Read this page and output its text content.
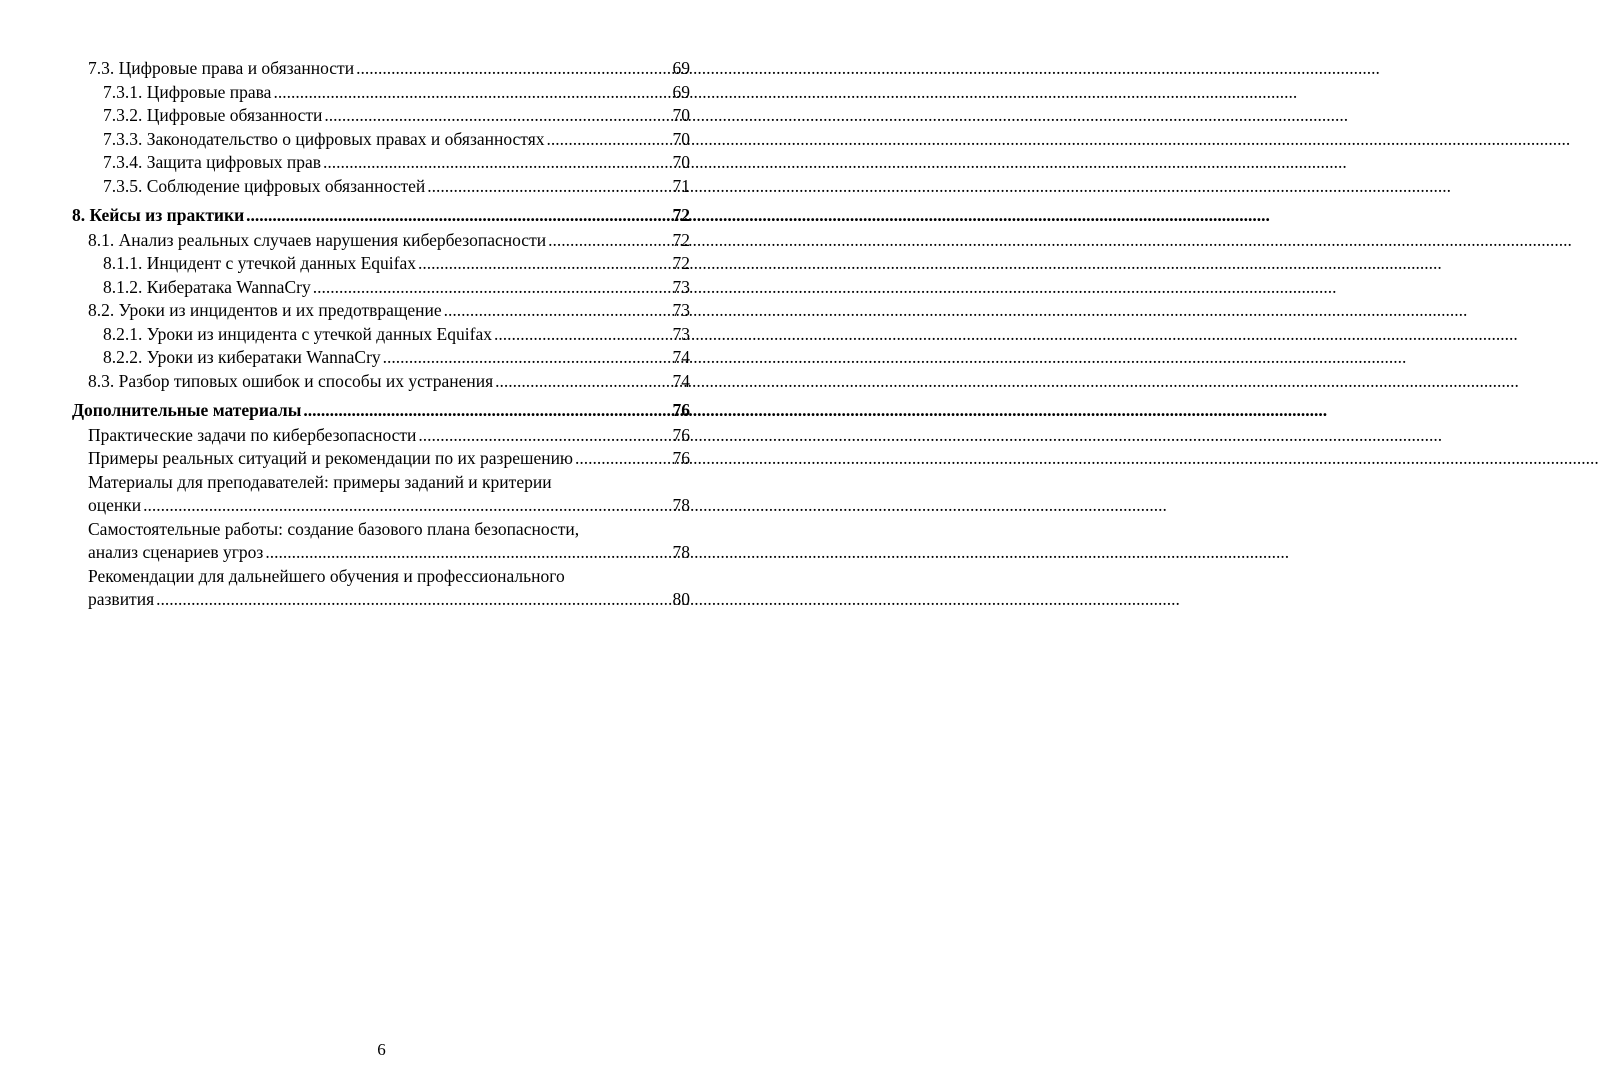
7.3. Цифровые права и обязанности .....	69
7.3.1. Цифровые права .....	69
7.3.2. Цифровые обязанности .....	70
7.3.3. Законодательство о цифровых правах и обязанностях .....	70
7.3.4. Защита цифровых прав .....	70
7.3.5. Соблюдение цифровых обязанностей .....	71
8. Кейсы из практики .....	72
8.1. Анализ реальных случаев нарушения кибербезопасности .....	72
8.1.1. Инцидент с утечкой данных Equifax .....	72
8.1.2. Кибератака WannaCry .....	73
8.2. Уроки из инцидентов и их предотвращение .....	73
8.2.1. Уроки из инцидента с утечкой данных Equifax .....	73
8.2.2. Уроки из кибератаки WannaCry .....	74
8.3. Разбор типовых ошибок и способы их устранения .....	74
Дополнительные материалы .....	76
Практические задачи по кибербезопасности .....	76
Примеры реальных ситуаций и рекомендации по их разрешению .....	76
Материалы для преподавателей: примеры заданий и критерии
оценки .....	78
Самостоятельные работы: создание базового плана безопасности,
анализ сценариев угроз .....	78
Рекомендации для дальнейшего обучения и профессионального
развития .....	80
6
